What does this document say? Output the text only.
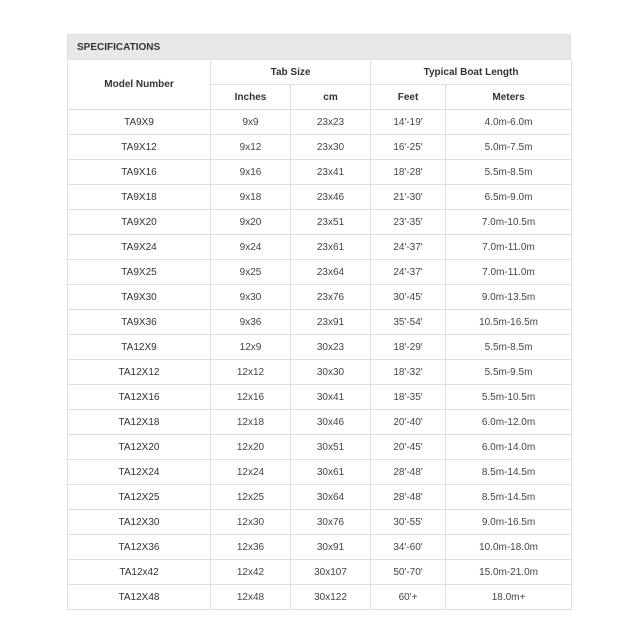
SPECIFICATIONS
Model Number	Tab Size		Typical Boat Length	
	Inches	cm	Feet	Meters
TA9X9	9x9	23x23	14'-19'	4.0m-6.0m
TA9X12	9x12	23x30	16'-25'	5.0m-7.5m
TA9X16	9x16	23x41	18'-28'	5.5m-8.5m
TA9X18	9x18	23x46	21'-30'	6.5m-9.0m
TA9X20	9x20	23x51	23'-35'	7.0m-10.5m
TA9X24	9x24	23x61	24'-37'	7.0m-11.0m
TA9X25	9x25	23x64	24'-37'	7.0m-11.0m
TA9X30	9x30	23x76	30'-45'	9.0m-13.5m
TA9X36	9x36	23x91	35'-54'	10.5m-16.5m
TA12X9	12x9	30x23	18'-29'	5.5m-8.5m
TA12X12	12x12	30x30	18'-32'	5.5m-9.5m
TA12X16	12x16	30x41	18'-35'	5.5m-10.5m
TA12X18	12x18	30x46	20'-40'	6.0m-12.0m
TA12X20	12x20	30x51	20'-45'	6.0m-14.0m
TA12X24	12x24	30x61	28'-48'	8.5m-14.5m
TA12X25	12x25	30x64	28'-48'	8.5m-14.5m
TA12X30	12x30	30x76	30'-55'	9.0m-16.5m
TA12X36	12x36	30x91	34'-60'	10.0m-18.0m
TA12x42	12x42	30x107	50'-70'	15.0m-21.0m
TA12X48	12x48	30x122	60'+	18.0m+
